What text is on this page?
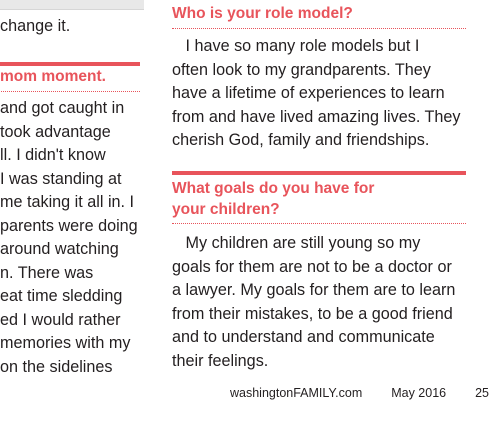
change it.
mom moment.
and got caught in
took advantage
ll. I didn't know
I was standing at
me taking it all in. I
parents were doing
around watching
n. There was
eat time sledding
ed I would rather
memories with my
on the sidelines
Who is your role model?
I have so many role models but I
often look to my grandparents. They
have a lifetime of experiences to learn
from and have lived amazing lives. They
cherish God, family and friendships.
What goals do you have for
your children?
My children are still young so my
goals for them are not to be a doctor or
a lawyer. My goals for them are to learn
from their mistakes, to be a good friend
and to understand and communicate
their feelings.
washingtonFAMILY.com May 2016 25
